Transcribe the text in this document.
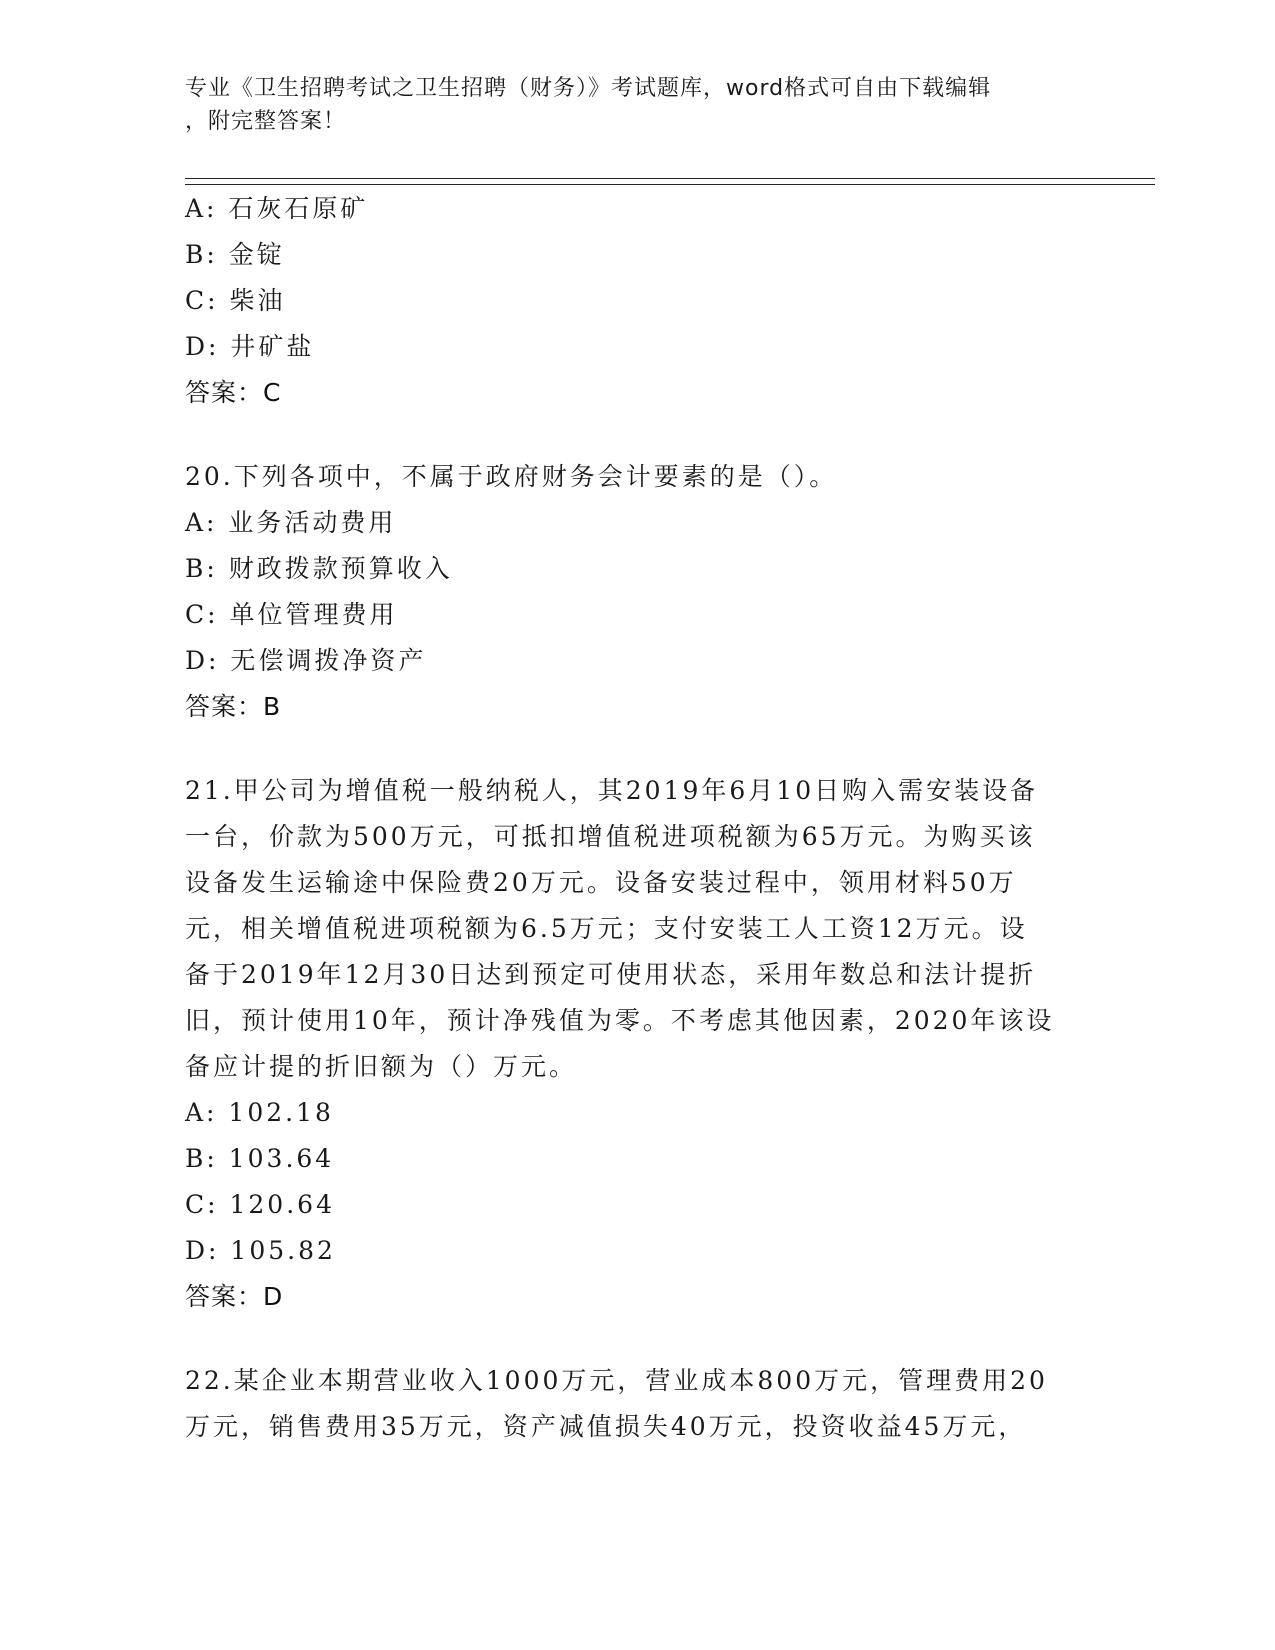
专业《卫生招聘考试之卫生招聘（财务）》考试题库，word格式可自由下载编辑
，附完整答案！
A: 石灰石原矿
B: 金锭
C: 柴油
D: 井矿盐
答案：C
20.下列各项中，不属于政府财务会计要素的是（）。
A: 业务活动费用
B: 财政拨款预算收入
C: 单位管理费用
D: 无偿调拨净资产
答案：B
21.甲公司为增值税一般纳税人，其2019年6月10日购入需安装设备
一台，价款为500万元，可抵扣增值税进项税额为65万元。为购买该
设备发生运输途中保险费20万元。设备安装过程中，领用材料50万
元，相关增值税进项税额为6.5万元；支付安装工人工资12万元。设
备于2019年12月30日达到预定可使用状态，采用年数总和法计提折
旧，预计使用10年，预计净残值为零。不考虑其他因素，2020年该设
备应计提的折旧额为（）万元。
A: 102.18
B: 103.64
C: 120.64
D: 105.82
答案：D
22.某企业本期营业收入1000万元，营业成本800万元，管理费用20
万元，销售费用35万元，资产减值损失40万元，投资收益45万元，
